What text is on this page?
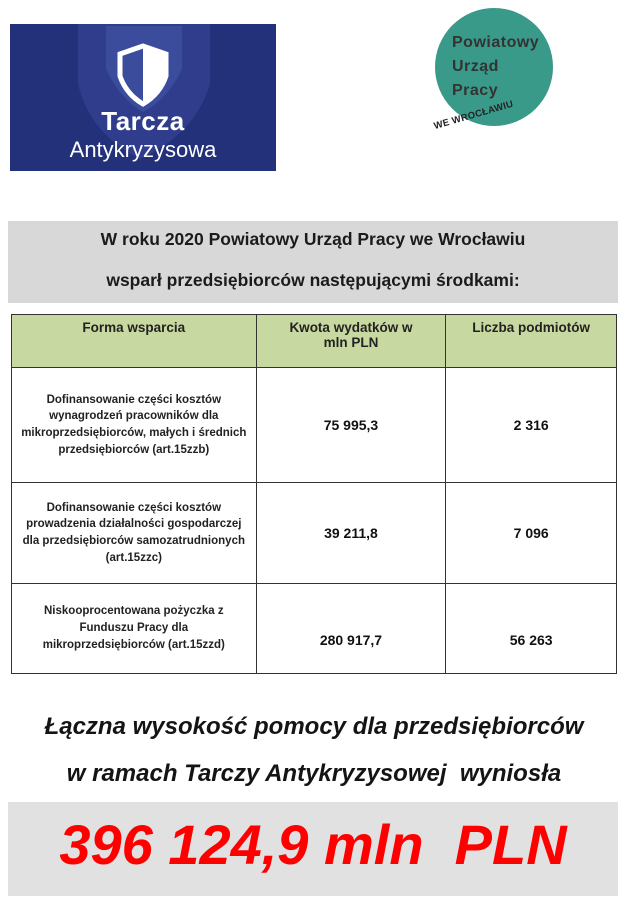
Tarcza
Antykryzysowa
Powiatowy
Urząd
Pracy
WE WROCŁAWIU
W roku 2020 Powiatowy Urząd Pracy we Wrocławiu
wsparł przedsiębiorców następującymi środkami:
Forma wsparcia	Kwota wydatków w mln PLN	Liczba podmiotów
Dofinansowanie części kosztów wynagrodzeń pracowników dla mikroprzedsiębiorców, małych i średnich przedsiębiorców (art.15zzb)	75 995,3	2 316
Dofinansowanie części kosztów prowadzenia działalności gospodarczej dla przedsiębiorców samozatrudnionych (art.15zzc)	39 211,8	7 096
Niskooprocentowana pożyczka z Funduszu Pracy dla mikroprzedsiębiorców (art.15zzd)	280 917,7	56 263
Łączna wysokość pomocy dla przedsiębiorców
w ramach Tarczy Antykryzysowej  wyniosła
396 124,9 mln  PLN
